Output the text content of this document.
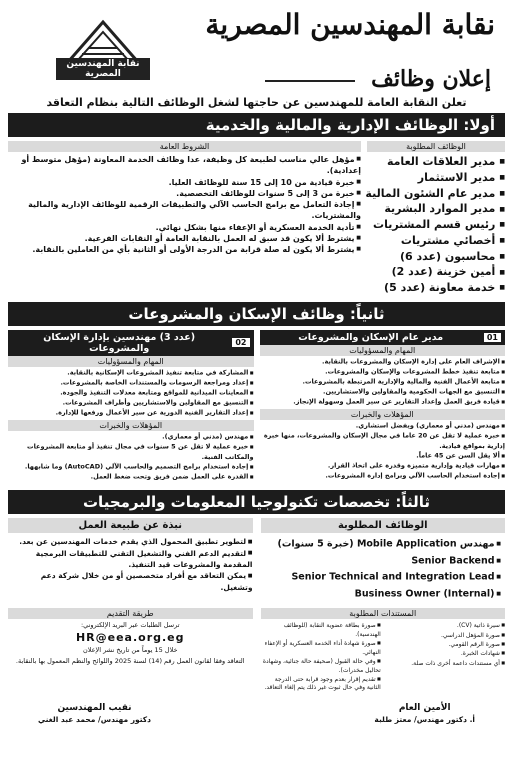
نقابة المهندسين المصرية
نقابة المهندسين المصرية	إعلان وظائف
تعلن النقابة العامة للمهندسين عن حاجتها لشغل الوظائف التالية بنظام التعاقد
أولا: الوظائف الإدارية والمالية والخدمية
الوظائف المطلوبة
■ مدير العلاقات العامة
■ مدير الاستثمار
■ مدير عام الشئون المالية
■ مدير الموارد البشرية
■ رئيس قسم المشتريات
■ أخصائي مشتريات
■ محاسبون (عدد 6)
■ أمين خزينة (عدد 2)
■ خدمة معاونة (عدد 5)
الشروط العامة
■ مؤهل عالي مناسب لطبيعة كل وظيفة، عدا وظائف الخدمة المعاونة (مؤهل متوسط أو إعدادية).
■ خبرة قيادية من 10 إلى 15 سنة للوظائف العليا.
■ خبرة من 3 إلى 5 سنوات للوظائف التخصصية.
■ إجادة التعامل مع برامج الحاسب الآلي والتطبيقات الرقمية للوظائف الإدارية والمالية والمشتريات.
■ تأدية الخدمة العسكرية أو الإعفاء منها بشكل نهائي.
■ يشترط ألا يكون قد سبق له العمل بالنقابة العامة أو النقابات الفرعية.
■ يشترط ألا يكون له صلة قرابة من الدرجة الأولى أو الثانية بأي من العاملين بالنقابة.
ثانياً: وظائف الإسكان والمشروعات
01
مدير عام الإسكان والمشروعات
المهام والمسؤوليات
■ الإشراف العام على إدارة الإسكان والمشروعات بالنقابة.
■ متابعة تنفيذ خطط المشروعات والإسكان والمشروعات.
■ متابعة الأعمال الفنية والمالية والإدارية المرتبطة بالمشروعات.
■ التنسيق مع الجهات الحكومية والمقاولين والاستشاريين.
■ قيادة فريق العمل وإعداد التقارير عن سير العمل وسهولة الإنجاز.
المؤهلات والخبرات
■ مهندس (مدني أو معماري) ويفضل استشاري.
■ خبرة عملية لا تقل عن 20 عاما في مجال الإسكان والمشروعات، منها خبرة إدارية بمواقع قيادية.
■ ألا يقل السن عن 45 عاماً.
■ مهارات قيادية وإدارية متميزة وقدرة على اتخاذ القرار.
■ إجادة استخدام الحاسب الآلي وبرامج إدارة المشروعات.
02
(عدد 3) مهندسين بإدارة الإسكان والمشروعات
المهام والمسؤوليات
■ المشاركة في متابعة تنفيذ المشروعات الإسكانية بالنقابة.
■ إعداد ومراجعة الرسومات والمستندات الخاصة بالمشروعات.
■ المعاينات الميدانية للمواقع ومتابعة معدلات التنفيذ والجودة.
■ التنسيق مع المقاولين والاستشاريين وأطراف المشروعات.
■ إعداد التقارير الفنية الدورية عن سير الأعمال ورفعها للإدارة.
المؤهلات والخبرات
■ مهندس (مدني أو معماري).
■ خبرة عملية لا تقل عن 5 سنوات في مجال تنفيذ أو متابعة المشروعات والمكاتب الفنية.
■ إجادة استخدام برامج التصميم والحاسب الآلي (AutoCAD) وما شابهها.
■ القدرة على العمل ضمن فريق وتحت ضغط العمل.
ثالثاً: تخصصات تكنولوجيا المعلومات والبرمجيات
الوظائف المطلوبة
■ مهندس Mobile Application (خبرة 5 سنوات)
■ Senior Backend
■ Senior Technical and Integration Lead
■ Business Owner (Internal)
نبذة عن طبيعة العمل
■ لتطوير تطبيق المحمول الذي يقدم خدمات المهندسين عن بعد.
■ لتقديم الدعم الفني والتشغيل التقني للتطبيقات البرمجية المقدمة والمشروعات قيد التنفيذ.
■ يمكن التعاقد مع أفراد متخصصين أو من خلال شركة دعم وتشغيل.
المستندات المطلوبة
■ سيرة ذاتية (CV).
■ صورة المؤهل الدراسي.
■ صورة الرقم القومي.
■ شهادات الخبرة.
■ أي مستندات داعمة أخرى ذات صلة.
■ صورة بطاقة عضوية النقابة (للوظائف الهندسية).
■ صورة شهادة أداء الخدمة العسكرية أو الإعفاء النهائي.
■ وفي حالة القبول (صحيفة حالة جنائية، وشهادة تحاليل مخدرات).
■ تقديم إقرار بعدم وجود قرابة حتى الدرجة الثانية وفي حال ثبوت غير ذلك يتم إلغاء التعاقد.
طريقة التقديم

ترسل الطلبات عبر البريد الإلكتروني:

HR@eea.org.eg

خلال 15 يوماً من تاريخ نشر الإعلان

التعاقد وفقا لقانون العمل رقم (14) لسنة 2025 واللوائح والنظم المعمول بها بالنقابة.

الأمين العام
أ. دكتور مهندس/ معتز طلبة
نقيب المهندسين
دكتور مهندس/ محمد عبد الغني
